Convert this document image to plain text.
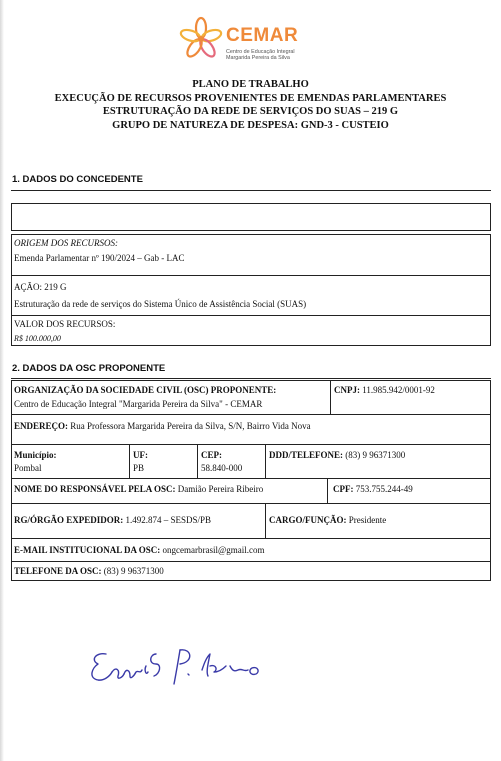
CEMAR
Centro de Educação Integral
Margarida Pereira da Silva
PLANO DE TRABALHO
EXECUÇÃO DE RECURSOS PROVENIENTES DE EMENDAS PARLAMENTARES
ESTRUTURAÇÃO DA REDE DE SERVIÇOS DO SUAS – 219 G
GRUPO DE NATUREZA DE DESPESA: GND-3 - CUSTEIO
1. DADOS DO CONCEDENTE
ORIGEM DOS RECURSOS:
Emenda Parlamentar nº 190/2024 – Gab - LAC
AÇÃO: 219 G
Estruturação da rede de serviços do Sistema Único de Assistência Social (SUAS)
VALOR DOS RECURSOS:
R$ 100.000,00
2. DADOS DA OSC PROPONENTE
ORGANIZAÇÃO DA SOCIEDADE CIVIL (OSC) PROPONENTE:
Centro de Educação Integral "Margarida Pereira da Silva" - CEMAR
CNPJ: 11.985.942/0001-92
ENDEREÇO: Rua Professora Margarida Pereira da Silva, S/N, Bairro Vida Nova
Município:
Pombal
UF:
PB
CEP:
58.840-000
DDD/TELEFONE: (83) 9 96371300
NOME DO RESPONSÁVEL PELA OSC: Damião Pereira Ribeiro	CPF: 753.755.244-49
RG/ÓRGÃO EXPEDIDOR: 1.492.874 – SESDS/PB	CARGO/FUNÇÃO: Presidente
E-MAIL INSTITUCIONAL DA OSC: ongcemarbrasil@gmail.com
TELEFONE DA OSC: (83) 9 96371300
